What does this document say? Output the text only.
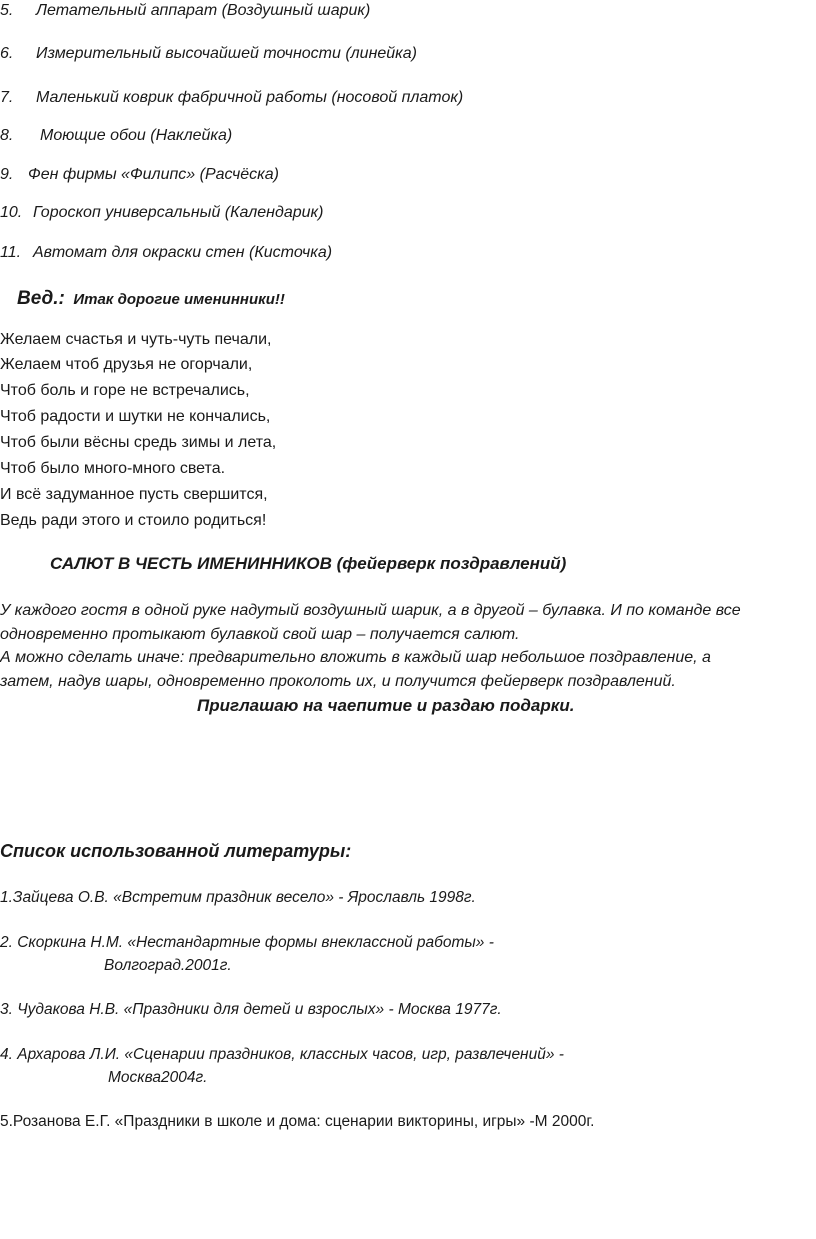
5. Летательный аппарат (Воздушный шарик)
6. Измерительный высочайшей точности (линейка)
7. Маленький коврик фабричной работы (носовой платок)
8. Моющие обои (Наклейка)
9. Фен фирмы «Филипс» (Расчёска)
10. Гороскоп универсальный (Календарик)
11. Автомат для окраски стен (Кисточка)
Вед.: Итак дорогие именинники!!
Желаем счастья и чуть-чуть печали,
Желаем чтоб друзья не огорчали,
Чтоб боль и горе не встречались,
Чтоб радости и шутки не кончались,
Чтоб были вёсны средь зимы и лета,
Чтоб было много-много света.
И всё задуманное пусть свершится,
Ведь ради этого и стоило родиться!
САЛЮТ В ЧЕСТЬ ИМЕНИННИКОВ (фейерверк поздравлений)
У каждого гостя в одной руке надутый воздушный шарик, а в другой – булавка. И по команде все
одновременно протыкают булавкой свой шар – получается салют.
А можно сделать иначе: предварительно вложить в каждый шар небольшое поздравление, а
затем, надув шары, одновременно проколоть их, и получится фейерверк поздравлений.
Приглашаю на чаепитие и раздаю подарки.
Список использованной литературы:
1.Зайцева О.В. «Встретим праздник весело» - Ярославль 1998г.
2. Скоркина Н.М. «Нестандартные формы внеклассной работы» -
Волгоград.2001г.
3. Чудакова Н.В. «Праздники для детей и взрослых» - Москва 1977г.
4. Архарова Л.И. «Сценарии праздников, классных часов, игр, развлечений» -
Москва2004г.
5.Розанова Е.Г. «Праздники в школе и дома: сценарии викторины, игры» -М 2000г.
